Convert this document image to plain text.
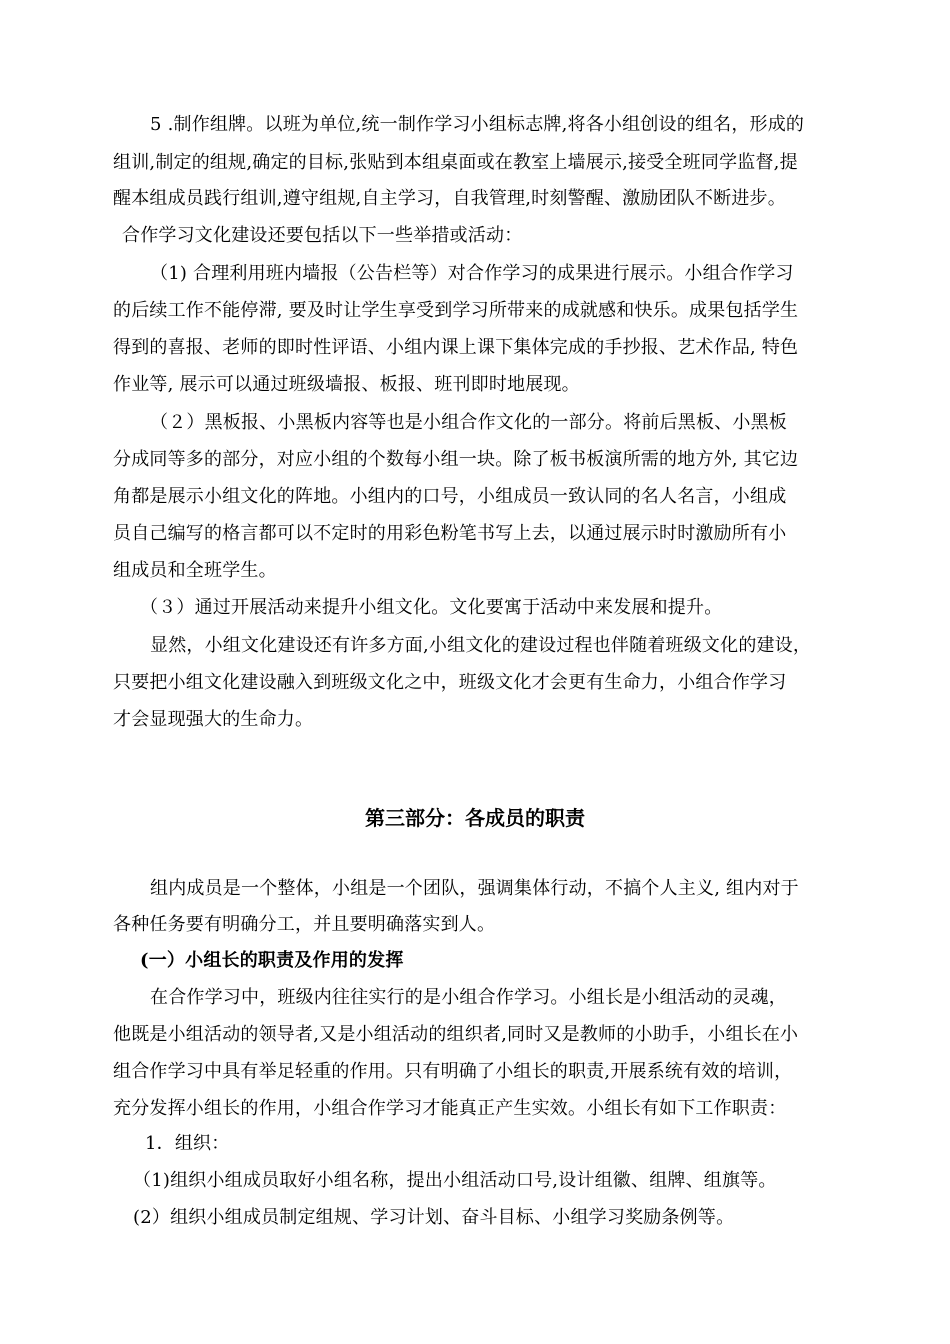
5 .制作组牌。以班为单位,统一制作学习小组标志牌,将各小组创设的组名，形成的
组训,制定的组规,确定的目标,张贴到本组桌面或在教室上墙展示,接受全班同学监督,提
醒本组成员践行组训,遵守组规,自主学习，自我管理,时刻警醒、激励团队不断进步。
合作学习文化建设还要包括以下一些举措或活动：
（1) 合理利用班内墙报（公告栏等）对合作学习的成果进行展示。小组合作学习
的后续工作不能停滞, 要及时让学生享受到学习所带来的成就感和快乐。成果包括学生
得到的喜报、老师的即时性评语、小组内课上课下集体完成的手抄报、艺术作品, 特色
作业等, 展示可以通过班级墙报、板报、班刊即时地展现。
（２）黑板报、小黑板内容等也是小组合作文化的一部分。将前后黑板、小黑板
分成同等多的部分，对应小组的个数每小组一块。除了板书板演所需的地方外, 其它边
角都是展示小组文化的阵地。小组内的口号，小组成员一致认同的名人名言，小组成
员自己编写的格言都可以不定时的用彩色粉笔书写上去，以通过展示时时激励所有小
组成员和全班学生。
（３）通过开展活动来提升小组文化。文化要寓于活动中来发展和提升。
显然，小组文化建设还有许多方面,小组文化的建设过程也伴随着班级文化的建设，
只要把小组文化建设融入到班级文化之中，班级文化才会更有生命力，小组合作学习
才会显现强大的生命力。
第三部分：各成员的职责
组内成员是一个整体，小组是一个团队，强调集体行动，不搞个人主义, 组内对于
各种任务要有明确分工，并且要明确落实到人。
(一）小组长的职责及作用的发挥
在合作学习中，班级内往往实行的是小组合作学习。小组长是小组活动的灵魂，
他既是小组活动的领导者,又是小组活动的组织者,同时又是教师的小助手，小组长在小
组合作学习中具有举足轻重的作用。只有明确了小组长的职责,开展系统有效的培训，
充分发挥小组长的作用，小组合作学习才能真正产生实效。小组长有如下工作职责：
1．组织：
（1)组织小组成员取好小组名称，提出小组活动口号,设计组徽、组牌、组旗等。
(2）组织小组成员制定组规、学习计划、奋斗目标、小组学习奖励条例等。
